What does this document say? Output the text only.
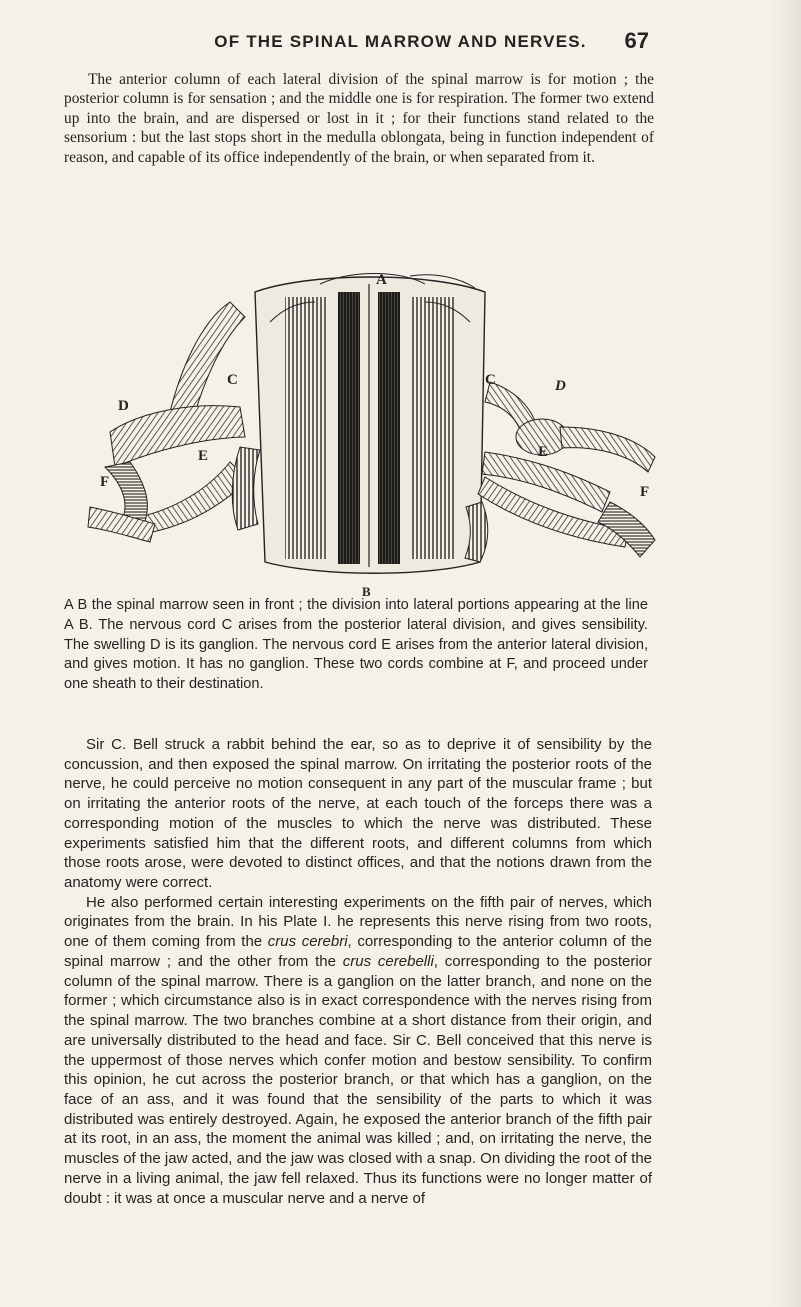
OF THE SPINAL MARROW AND NERVES.	67

The anterior column of each lateral division of the spinal marrow is for motion ; the posterior column is for sensation ; and the middle one is for respiration. The former two extend up into the brain, and are dispersed or lost in it ; for their functions stand related to the sensorium : but the last stops short in the medulla oblongata, being in function independent of reason, and capable of its office independently of the brain, or when separated from it.

A
B
C	C
D
D
E	E
F
F

A B the spinal marrow seen in front ; the division into lateral portions appearing at the line A B. The nervous cord C arises from the posterior lateral division, and gives sensibility. The swelling D is its ganglion. The nervous cord E arises from the anterior lateral division, and gives motion. It has no ganglion. These two cords combine at F, and proceed under one sheath to their destination.

Sir C. Bell struck a rabbit behind the ear, so as to deprive it of sensibility by the concussion, and then exposed the spinal marrow. On irritating the posterior roots of the nerve, he could perceive no motion consequent in any part of the muscular frame ; but on irritating the anterior roots of the nerve, at each touch of the forceps there was a corresponding motion of the muscles to which the nerve was distributed. These experiments satisfied him that the different roots, and different columns from which those roots arose, were devoted to distinct offices, and that the notions drawn from the anatomy were correct.

He also performed certain interesting experiments on the fifth pair of nerves, which originates from the brain. In his Plate I. he represents this nerve rising from two roots, one of them coming from the crus cerebri, corresponding to the anterior column of the spinal marrow ; and the other from the crus cerebelli, corresponding to the posterior column of the spinal marrow. There is a ganglion on the latter branch, and none on the former ; which circumstance also is in exact correspondence with the nerves rising from the spinal marrow. The two branches combine at a short distance from their origin, and are universally distributed to the head and face. Sir C. Bell conceived that this nerve is the uppermost of those nerves which confer motion and bestow sensibility. To confirm this opinion, he cut across the posterior branch, or that which has a ganglion, on the face of an ass, and it was found that the sensibility of the parts to which it was distributed was entirely destroyed. Again, he exposed the anterior branch of the fifth pair at its root, in an ass, the moment the animal was killed ; and, on irritating the nerve, the muscles of the jaw acted, and the jaw was closed with a snap. On dividing the root of the nerve in a living animal, the jaw fell relaxed. Thus its functions were no longer matter of doubt : it was at once a muscular nerve and a nerve of
